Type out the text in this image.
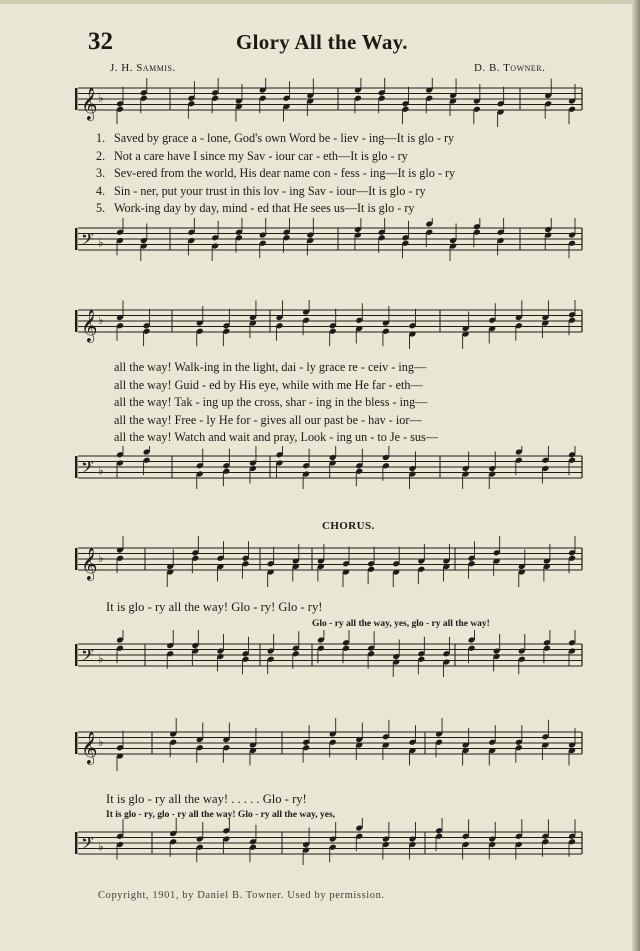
32	Glory All the Way.
J. H. Sammis.	D. B. Towner.
𝄞 ♭
1. Saved by grace a - lone, God's own Word be - liev - ing—It is glo - ry
2. Not a care have I since my Sav - iour car - eth—It is glo - ry
3. Sev-ered from the world, His dear name con - fess - ing—It is glo - ry
4. Sin - ner, put your trust in this lov - ing Sav - iour—It is glo - ry
5. Work-ing day by day, mind - ed that He sees us—It is glo - ry
𝄢 ♭
𝄞 ♭
all the way! Walk-ing in the light, dai - ly grace re - ceiv - ing—
all the way! Guid - ed by His eye, while with me He far - eth—
all the way! Tak - ing up the cross, shar - ing in the bless - ing—
all the way! Free - ly He for - gives all our past be - hav - ior—
all the way! Watch and wait and pray, Look - ing un - to Je - sus—
𝄢 ♭
CHORUS.
𝄞 ♭
It is glo - ry all the way! Glo - ry! Glo - ry!
Glo - ry all the way, yes, glo - ry all the way!
𝄢 ♭
𝄞 ♭
It is glo - ry all the way! . . . . . Glo - ry!
It is glo - ry, glo - ry all the way! Glo - ry all the way, yes,
𝄢 ♭
Copyright, 1901, by Daniel B. Towner. Used by permission.
